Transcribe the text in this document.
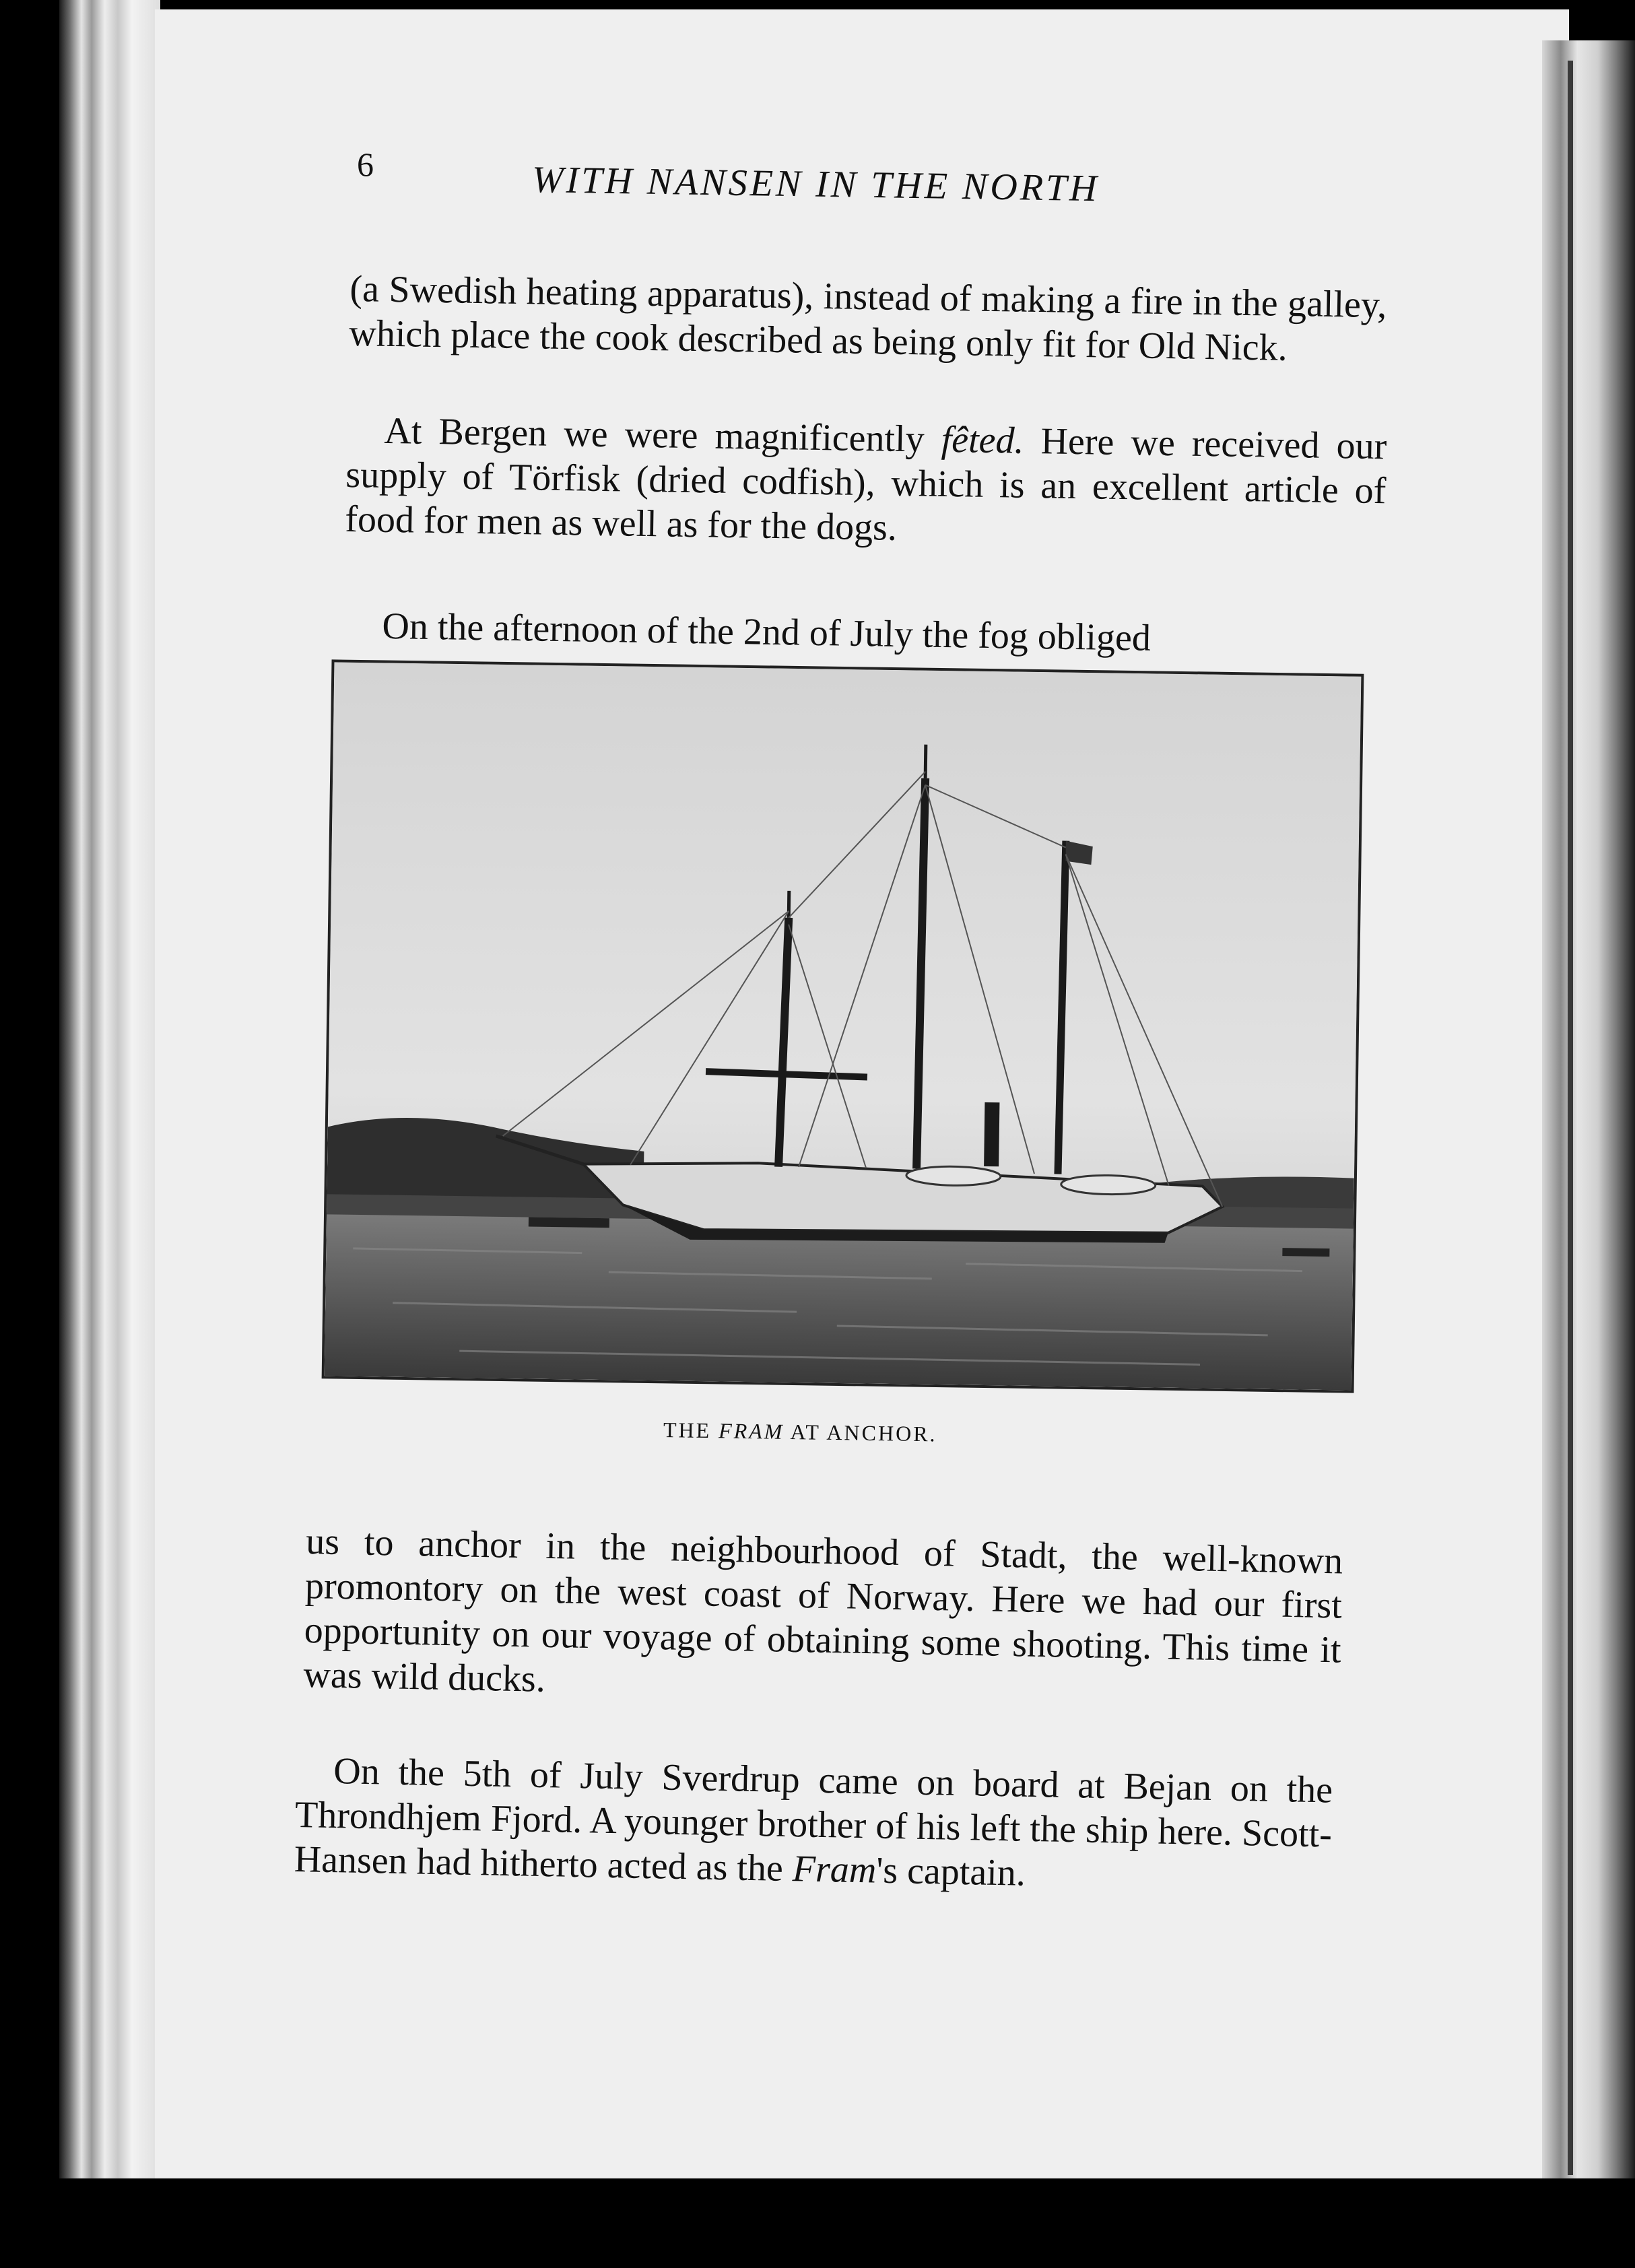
6	WITH NANSEN IN THE NORTH

(a Swedish heating apparatus), instead of making a fire in the galley, which place the cook described as being only fit for Old Nick.

At Bergen we were magnificently fêted. Here we received our supply of Törfisk (dried codfish), which is an excellent article of food for men as well as for the dogs.

On the afternoon of the 2nd of July the fog obliged

THE FRAM AT ANCHOR.

us to anchor in the neighbourhood of Stadt, the well-known promontory on the west coast of Norway. Here we had our first opportunity on our voyage of obtaining some shooting. This time it was wild ducks.

On the 5th of July Sverdrup came on board at Bejan on the Throndhjem Fjord. A younger brother of his left the ship here. Scott-Hansen had hitherto acted as the Fram's captain.
